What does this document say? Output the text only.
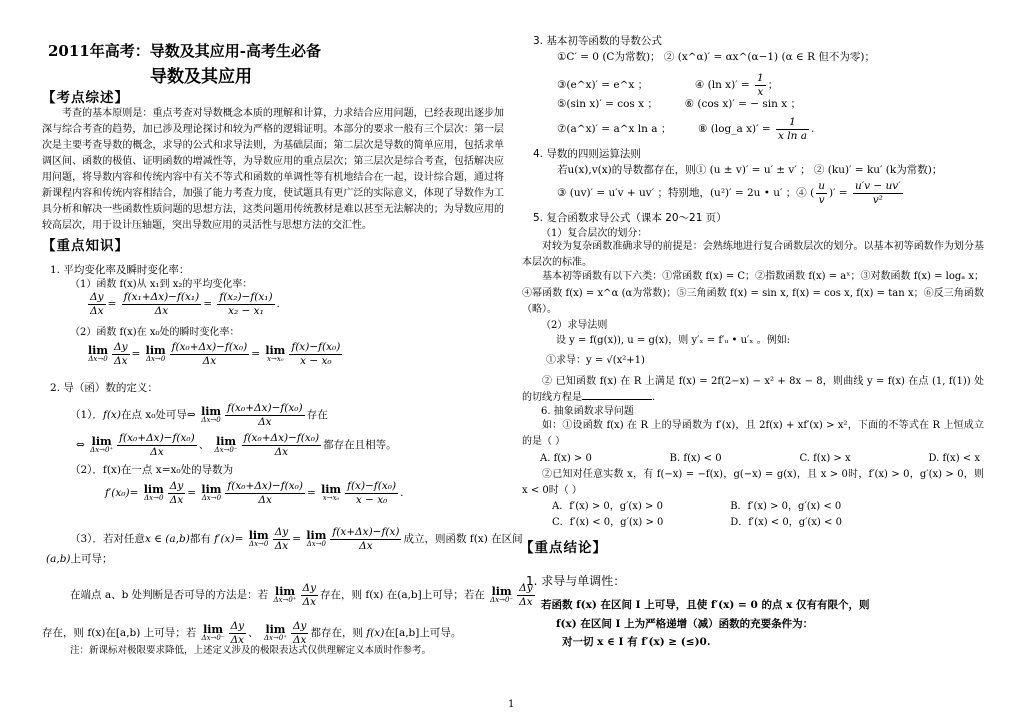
2011年高考：导数及其应用-高考生必备
导数及其应用
【考点综述】
考查的基本原则是：重点考查对导数概念本质的理解和计算，力求结合应用问题，已经表现出逐步加深与综合考查的趋势，加已涉及理论探讨和较为严格的逻辑证明。本部分的要求一般有三个层次：第一层次是主要考查导数的概念，求导的公式和求导法则，为基础层面；第二层次是导数的简单应用，包括求单调区间、函数的极值、证明函数的增减性等，为导数应用的重点层次；第三层次是综合考查，包括解决应用问题，将导数内容和传统内容中有关不等式和函数的单调性等有机地结合在一起，设计综合题，通过将新课程内容和传统内容相结合，加强了能力考查力度，使试题具有更广泛的实际意义，体现了导数作为工具分析和解决一些函数性质问题的思想方法，这类问题用传统教材是难以甚至无法解决的；为导数应用的较高层次，用于设计压轴题，突出导数应用的灵活性与思想方法的交汇性。
【重点知识】
1. 平均变化率及瞬时变化率：
（1）函数 f(x)从 x₁到 x₂的平均变化率：
$\frac{\Delta y}{\Delta x} = \frac{\text{f(x₁+Δx)−f(x₁)}}{\Delta x} = \frac{\text{f(x₂)−f(x₁)}}{\text{x₂ − x₁}}$ .
（2）函数 f(x)在 x₀处的瞬时变化率：
lim
$\Delta x\to 0 \frac{\Delta y}{\Delta x} = \lim$
$\Delta x\to 0 \frac{\text{f(x₀+Δx)−f(x₀)}}{\Delta x} = \lim$
$x\to x_0 \frac{\text{f(x)−f(x₀)}}{\text{x − x₀}}$
2. 导（函）数的定义：
（1）．f(x)在点 x₀处可导⇔ lim
$\Delta x\to 0 \frac{\text{f(x₀+Δx)−f(x₀)}}{\Delta x}$ 存在
⇔ lim
$\Delta x\to 0^+ \frac{\text{f(x₀+Δx)−f(x₀)}}{\Delta x}$ 、 lim
$\Delta x\to 0^- \frac{\text{f(x₀+Δx)−f(x₀)}}{\Delta x}$ 都存在且相等。
（2）．f(x)在一点 x=x₀处的导数为
f′(x₀)= lim
$\Delta x\to 0 \frac{\Delta y}{\Delta x} = \lim$
$\Delta x\to 0 \frac{\text{f(x₀+Δx)−f(x₀)}}{\Delta x} = \lim$
$x\to x_0 \frac{\text{f(x)−f(x₀)}}{\text{x − x₀}}$ .
（3）．若对任意x ∈ (a,b)都有 f′(x)= lim
$\Delta x\to 0 \frac{\Delta y}{\Delta x} = \lim$
$\Delta x\to 0 \frac{f(x+\Delta x)-f(x)}{\Delta x}$ 成立，则函数 f(x) 在区间
(a,b)上可导；
在端点 a、b 处判断是否可导的方法是：若 lim
$\Delta x\to 0^+ \frac{\Delta y}{\Delta x}$ 存在，则 f(x) 在(a,b]上可导；若在 lim
$\Delta x\to 0^- \frac{\Delta y}{\Delta x}$
存在，则 f(x)在[a,b) 上可导；若 lim
$\Delta x\to 0^- \frac{\Delta y}{\Delta x}$ 、 lim
$\Delta x\to 0^+ \frac{\Delta y}{\Delta x}$ 都存在，则 f(x)在[a,b]上可导。
注：新课标对极限要求降低，上述定义涉及的极限表达式仅供理解定义本质时作参考。
3. 基本初等函数的导数公式
①C′ = 0 (C为常数)； ② (x^α)′ = αx^(α−1) (α ∈ R 但不为零)；
③(e^x)′ = e^x ；	④ (ln $x)' = \frac{1}{x}$ ；
⑤(sin x)′ = cos x ；	⑥ (cos x)′ = − sin x ；
⑦(a^x)′ = a^x ln a ；	⑧ (log_a $x)' = \frac{1}{\text{x ln a}}$ .
4. 导数的四则运算法则
若u(x),v(x)的导数都存在，则① (u ± v)′ = u′ ± v′ ； ② (ku)′ = ku′ (k为常数)；
③ (uv)′ = u′v + uv′ ；特别地，(u²)′ = 2u • u′ ；④ ( $\frac{u}{v}$ )′ = $\frac{u'v - uv'}{\text{v²}}$
5. 复合函数求导公式（课本 20～21 页）
（1）复合层次的划分：
对较为复杂函数准确求导的前提是：会熟练地进行复合函数层次的划分。以基本初等函数作为划分基本层次的标准。
基本初等函数有以下六类：①常函数 f(x) = C；②指数函数 f(x) = aˣ；③对数函数 f(x) = logₐ x；④幂函数 f(x) = x^α (α为常数)；⑤三角函数 f(x) = sin x, f(x) = cos x, f(x) = tan x；⑥反三角函数（略）。
（2）求导法则
设 y = f(g(x)), u = g(x)，则 y′ₓ = f′ᵤ • u′ₓ 。例如:
①求导：y = √(x²+1)
② 已知函数 f(x) 在 R 上满足 f(x) = 2f(2−x) − x² + 8x − 8，则曲线 y = f(x) 在点 (1, f(1)) 处的切线方程是	.
6. 抽象函数求导问题
如：①设函数 f(x) 在 R 上的导函数为 f′(x)，且 2f(x) + xf′(x) > x²，下面的不等式在 R 上恒成立的是（ ）
A. f(x) > 0	B. f(x) < 0	C. f(x) > x	D. f(x) < x
②已知对任意实数 x，有 f(−x) = −f(x)，g(−x) = g(x)，且 x > 0时，f′(x) > 0，g′(x) > 0，则 x < 0时（ ）
A．f′(x) > 0，g′(x) > 0	B．f′(x) > 0，g′(x) < 0
C．f′(x) < 0，g′(x) > 0	D．f′(x) < 0，g′(x) < 0
【重点结论】
1. 求导与单调性：
若函数 f(x) 在区间 I 上可导，且使 f′(x) = 0 的点 x 仅有有限个，则
f(x) 在区间 I 上为严格递增（减）函数的充要条件为：
对一切 x ∈ I 有 f′(x) ≥ (≤)0.
1
